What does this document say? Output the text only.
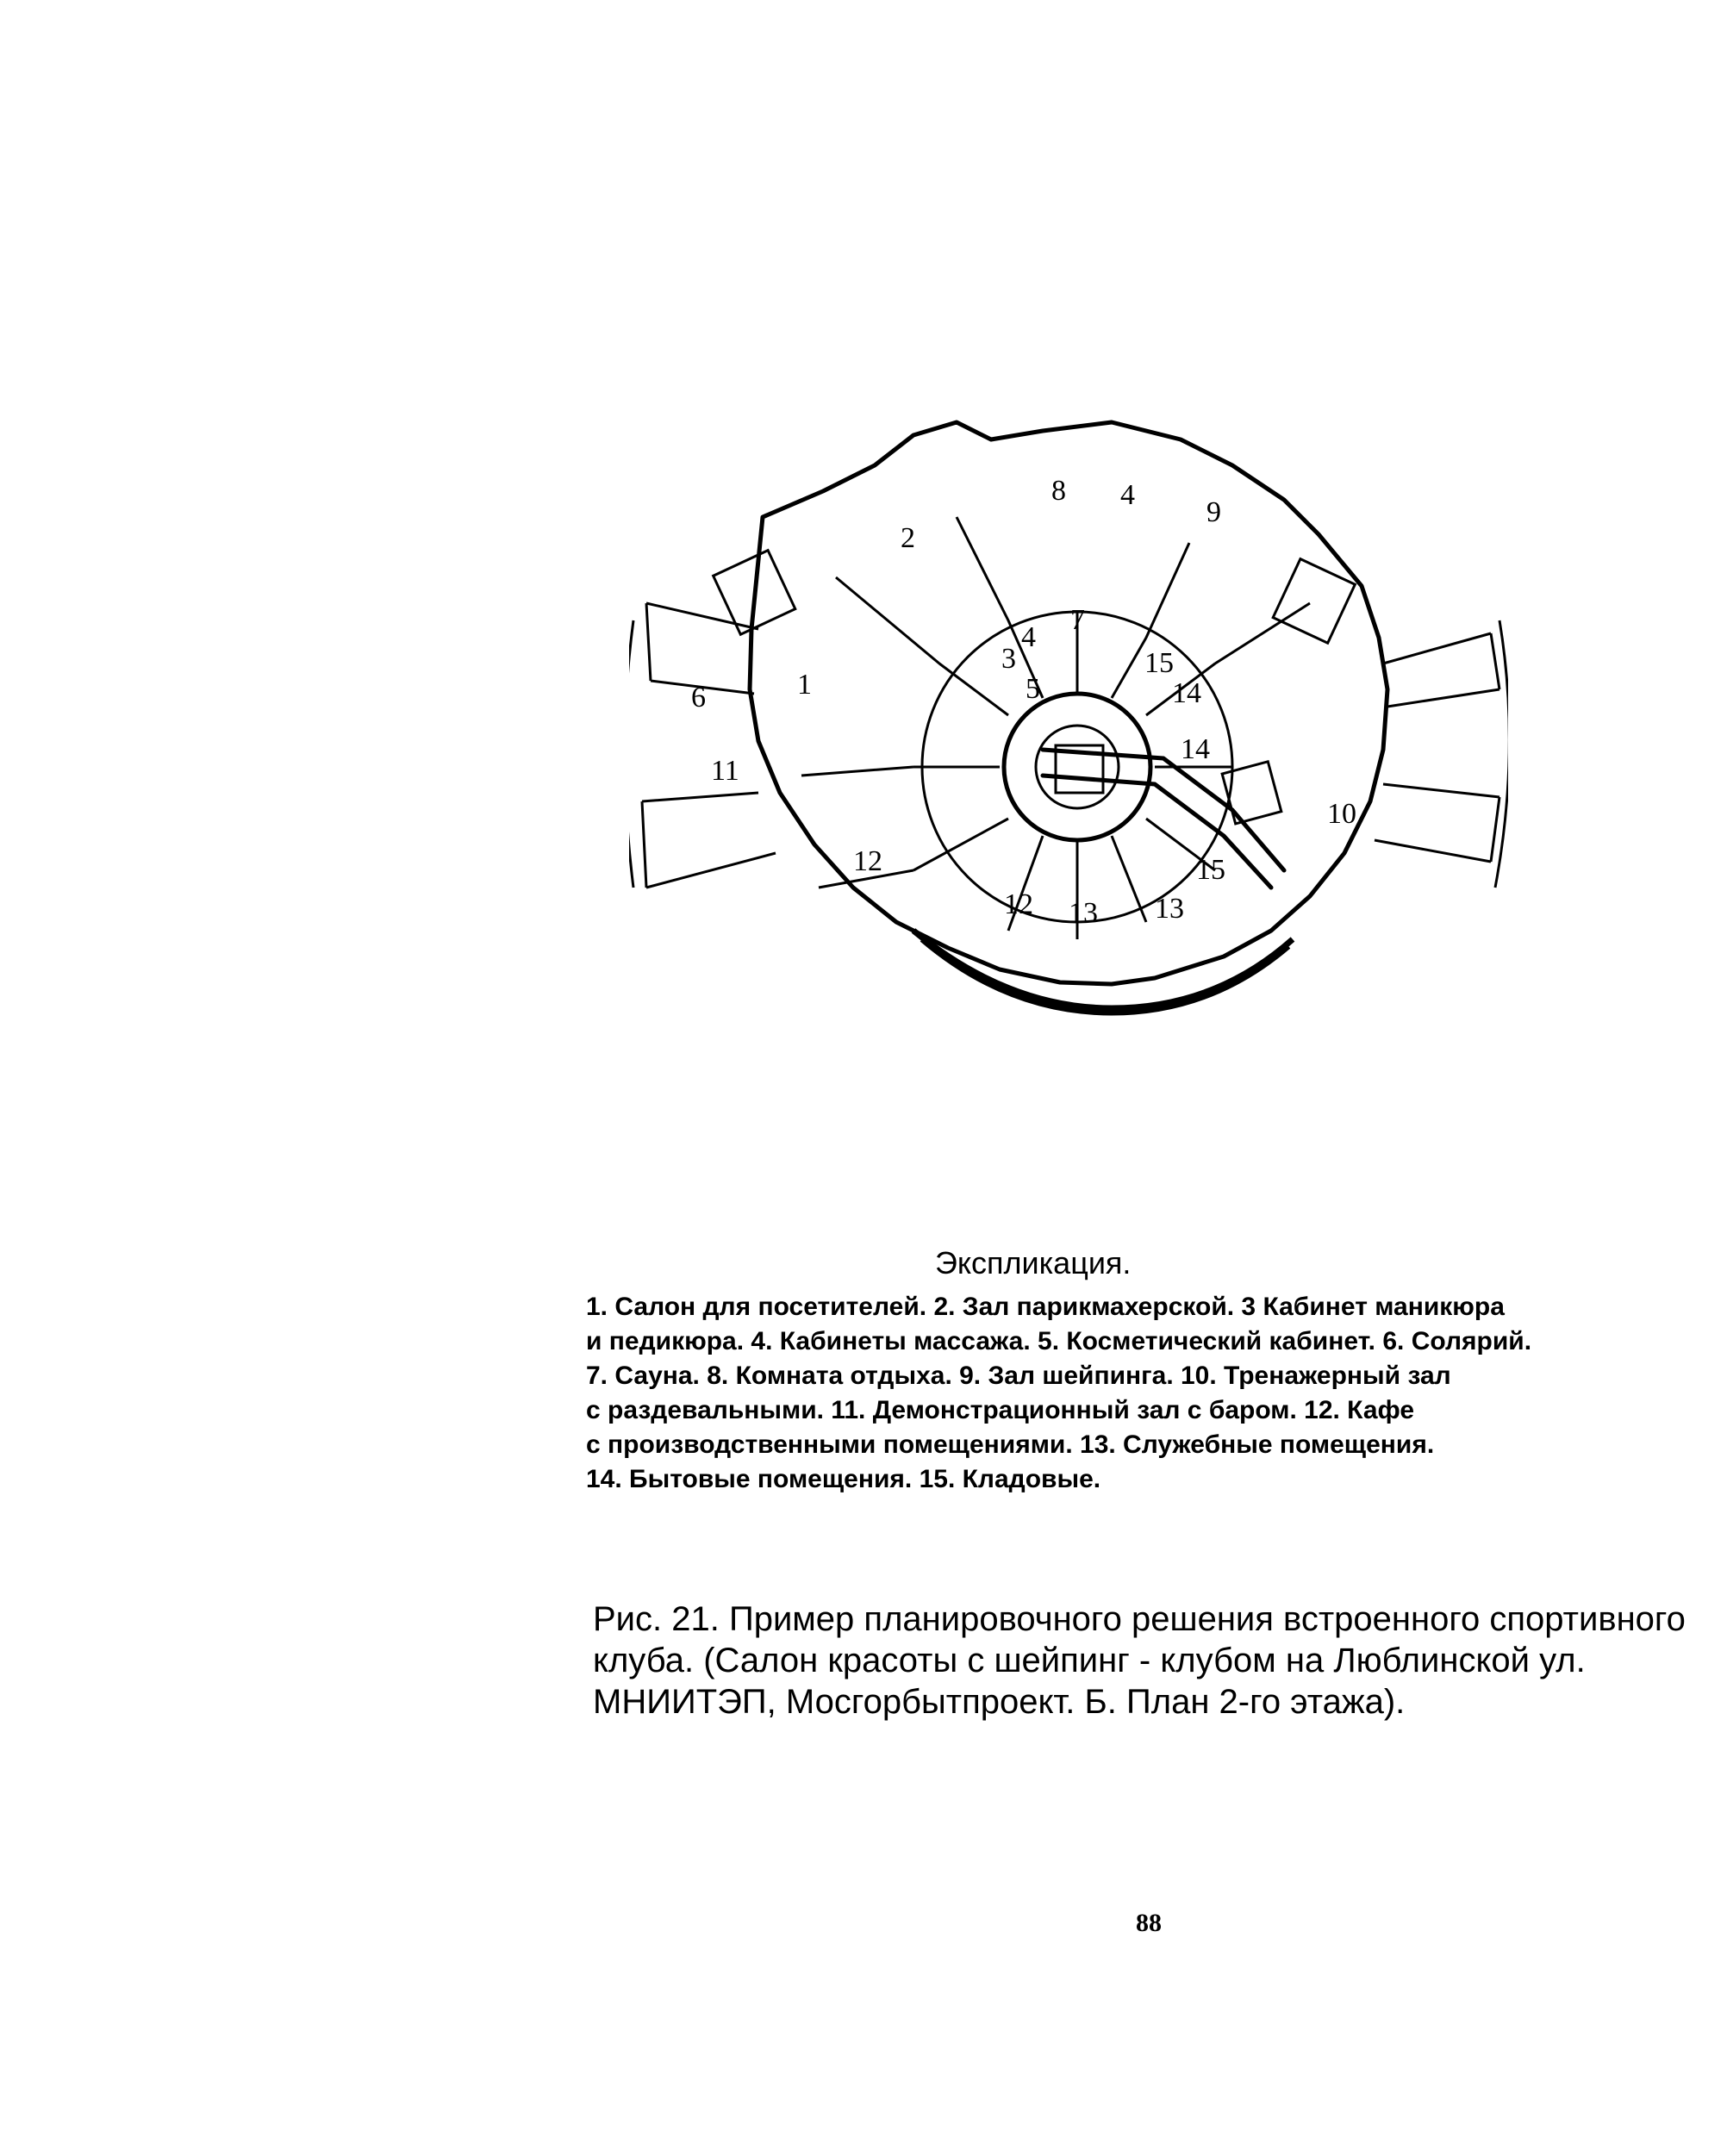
1
2
3
4
4
5
6
7
8
9
10
11
12
12 13 13
14
14
15
15
Экспликация.
1. Салон для посетителей. 2. Зал парикмахерской. 3 Кабинет маникюра
и педикюра. 4. Кабинеты массажа. 5. Косметический кабинет. 6. Солярий.
7. Сауна. 8. Комната отдыха. 9. Зал шейпинга. 10. Тренажерный зал
с раздевальными. 11. Демонстрационный зал с баром. 12. Кафе
с производственными помещениями. 13. Служебные помещения.
14. Бытовые помещения. 15. Кладовые.
Рис. 21. Пример планировочного решения встроенного спортивного
клуба. (Салон красоты с шейпинг - клубом на Люблинской ул.
МНИИТЭП, Мосгорбытпроект. Б. План 2-го этажа).
88
